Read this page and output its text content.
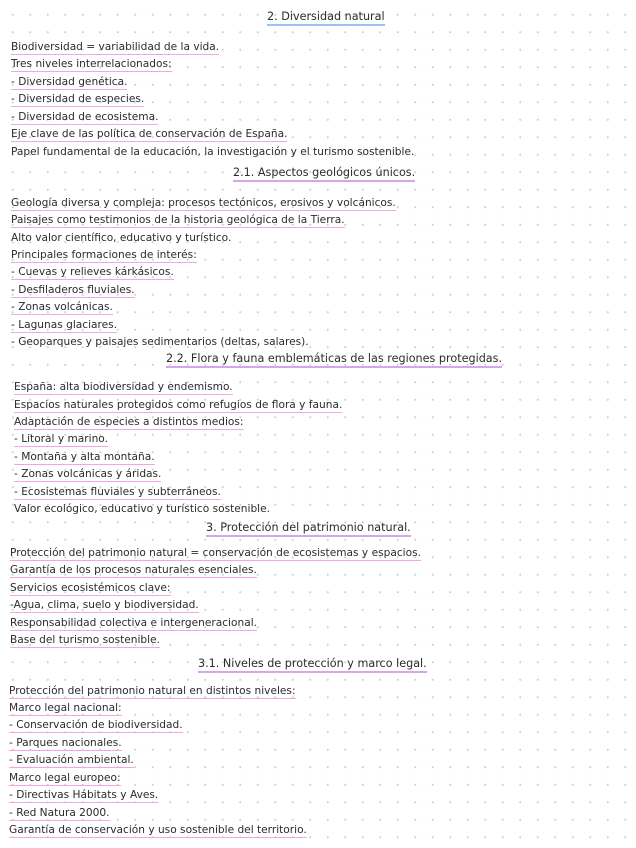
2. Diversidad natural
Biodiversidad = variabilidad de la vida.
Tres niveles interrelacionados:
- Diversidad genética.
- Diversidad de especies.
- Diversidad de ecosistema.
Eje clave de las política de conservación de España.
Papel fundamental de la educación, la investigación y el turismo sostenible.
2.1. Aspectos geológicos únicos.
Geología diversa y compleja: procesos tectónicos, erosivos y volcánicos.
Paisajes como testimonios de la historia geológica de la Tierra.
Alto valor científico, educativo y turístico.
Principales formaciones de interés:
- Cuevas y relieves kárkásicos.
- Desfiladeros fluviales.
- Zonas volcánicas.
- Lagunas glaciares.
- Geoparques y paisajes sedimentarios (deltas, salares).
2.2. Flora y fauna emblemáticas de las regiones protegidas.
España: alta biodiversidad y endemismo.
Espacios naturales protegidos como refugios de flora y fauna.
Adaptación de especies a distintos medios:
- Litoral y marino.
- Montaña y alta montaña.
- Zonas volcánicas y áridas.
- Ecosistemas fluviales y subterráneos.
Valor ecológico, educativo y turístico sostenible.
3. Protección del patrimonio natural.
Protección del patrimonio natural = conservación de ecosistemas y espacios.
Garantía de los procesos naturales esenciales.
Servicios ecosistémicos clave:
-Agua, clima, suelo y biodiversidad.
Responsabilidad colectiva e intergeneracional.
Base del turismo sostenible.
3.1. Niveles de protección y marco legal.
Protección del patrimonio natural en distintos niveles:
Marco legal nacional:
- Conservación de biodiversidad.
- Parques nacionales.
- Evaluación ambiental.
Marco legal europeo:
- Directivas Hábitats y Aves.
- Red Natura 2000.
Garantía de conservación y uso sostenible del territorio.
